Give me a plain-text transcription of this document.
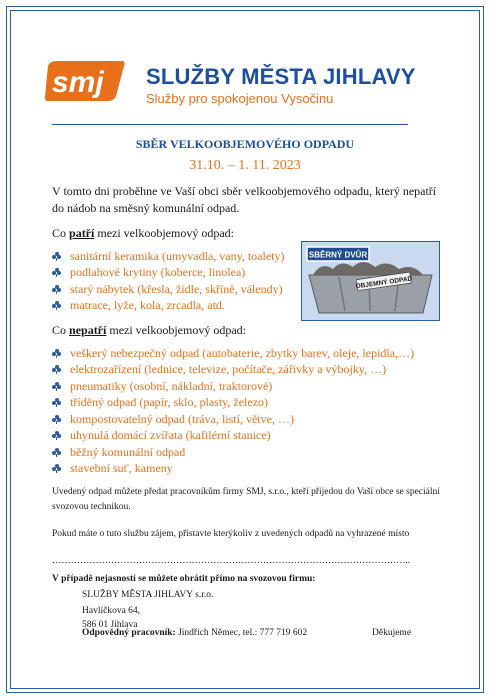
smj SLUŽBY MĚSTA JIHLAVY
Služby pro spokojenou Vysočinu
SBĚR VELKOOBJEMOVÉHO ODPADU
31.10. – 1. 11. 2023
V tomto dni proběhne ve Vaší obci sběr velkoobjemového odpadu, který nepatří do nádob na směsný komunální odpad.
Co patří mezi velkoobjemový odpad:
sanitární keramika (umyvadla, vany, toalety)
podlahové krytiny (koberce, linolea)
starý nábytek (křesla, židle, skříně, válendy)
matrace, lyže, kola, zrcadla, atd.
SBĚRNÝ DVŮR
OBJEMNÝ ODPAD
Co nepatří mezi velkoobjemový odpad:
veškerý nebezpečný odpad (autobaterie, zbytky barev, oleje, lepidla,…)
elektrozařízení (lednice, televize, počítače, zářivky a výbojky, …)
pneumatiky (osobní, nákladní, traktorové)
tříděný odpad (papír, sklo, plasty, železo)
kompostovatelný odpad (tráva, listí, větve, …)
uhynulá domácí zvířata (kafilérní stanice)
běžný komunální odpad
stavební suť, kameny
Uvedený odpad můžete předat pracovníkům firmy SMJ, s.r.o., kteří přijedou do Vaší obce se speciální svozovou technikou.
Pokud máte o tuto službu zájem, přistavte kterýkoliv z uvedených odpadů na vyhrazené místo
……………………………………………………………………………………………………..
V případě nejasností se můžete obrátit přímo na svozovou firmu:
SLUŽBY MĚSTA JIHLAVY s.r.o.
Havlíčkova 64,
586 01 Jihlava
Odpovědný pracovník: Jindřich Němec, tel.: 777 719 602	Děkujeme
